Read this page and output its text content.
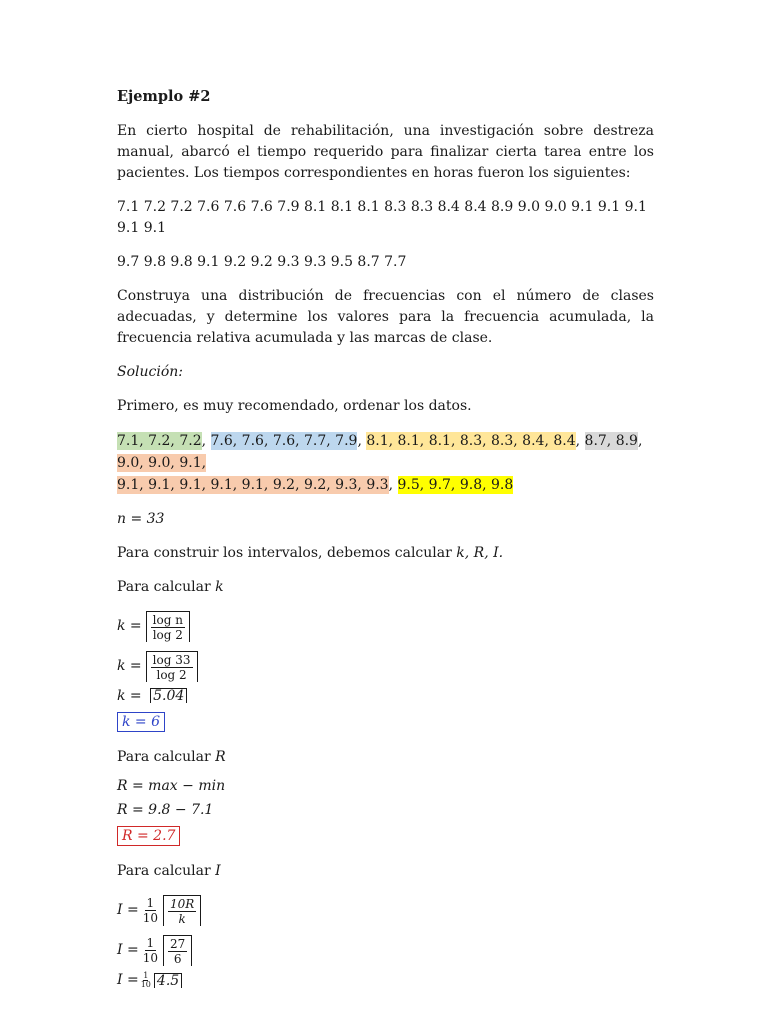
Ejemplo #2

En cierto hospital de rehabilitación, una investigación sobre destreza manual, abarcó el tiempo requerido para finalizar cierta tarea entre los pacientes. Los tiempos correspondientes en horas fueron los siguientes:

7.1 7.2 7.2 7.6 7.6 7.6 7.9 8.1 8.1 8.1 8.3 8.3 8.4 8.4 8.9 9.0 9.0 9.1 9.1 9.1 9.1 9.1

9.7 9.8 9.8 9.1 9.2 9.2 9.3 9.3 9.5 8.7 7.7

Construya una distribución de frecuencias con el número de clases adecuadas, y determine los valores para la frecuencia acumulada, la frecuencia relativa acumulada y las marcas de clase.

Solución:

Primero, es muy recomendado, ordenar los datos.

7.1, 7.2, 7.2, 7.6, 7.6, 7.6, 7.7, 7.9, 8.1, 8.1, 8.1, 8.3, 8.3, 8.4, 8.4, 8.7, 8.9, 9.0, 9.0, 9.1,
9.1, 9.1, 9.1, 9.1, 9.1, 9.2, 9.2, 9.3, 9.3, 9.5, 9.7, 9.8, 9.8

n = 33

Para construir los intervalos, debemos calcular k, R, I.

Para calcular k

$k = \frac{\text{log n}}{\log 2}$
$k = \frac{\log 33}{\log 2}$
k = 5.04
k = 6

Para calcular R

R = max − min
R = 9.8 − 7.1
R = 2.7

Para calcular I

$I = \frac{1}{10} \frac{10R}{k}$
$I = \frac{1}{10} \frac{27}{6}$
$I = \frac{1}{10} 4.5$
